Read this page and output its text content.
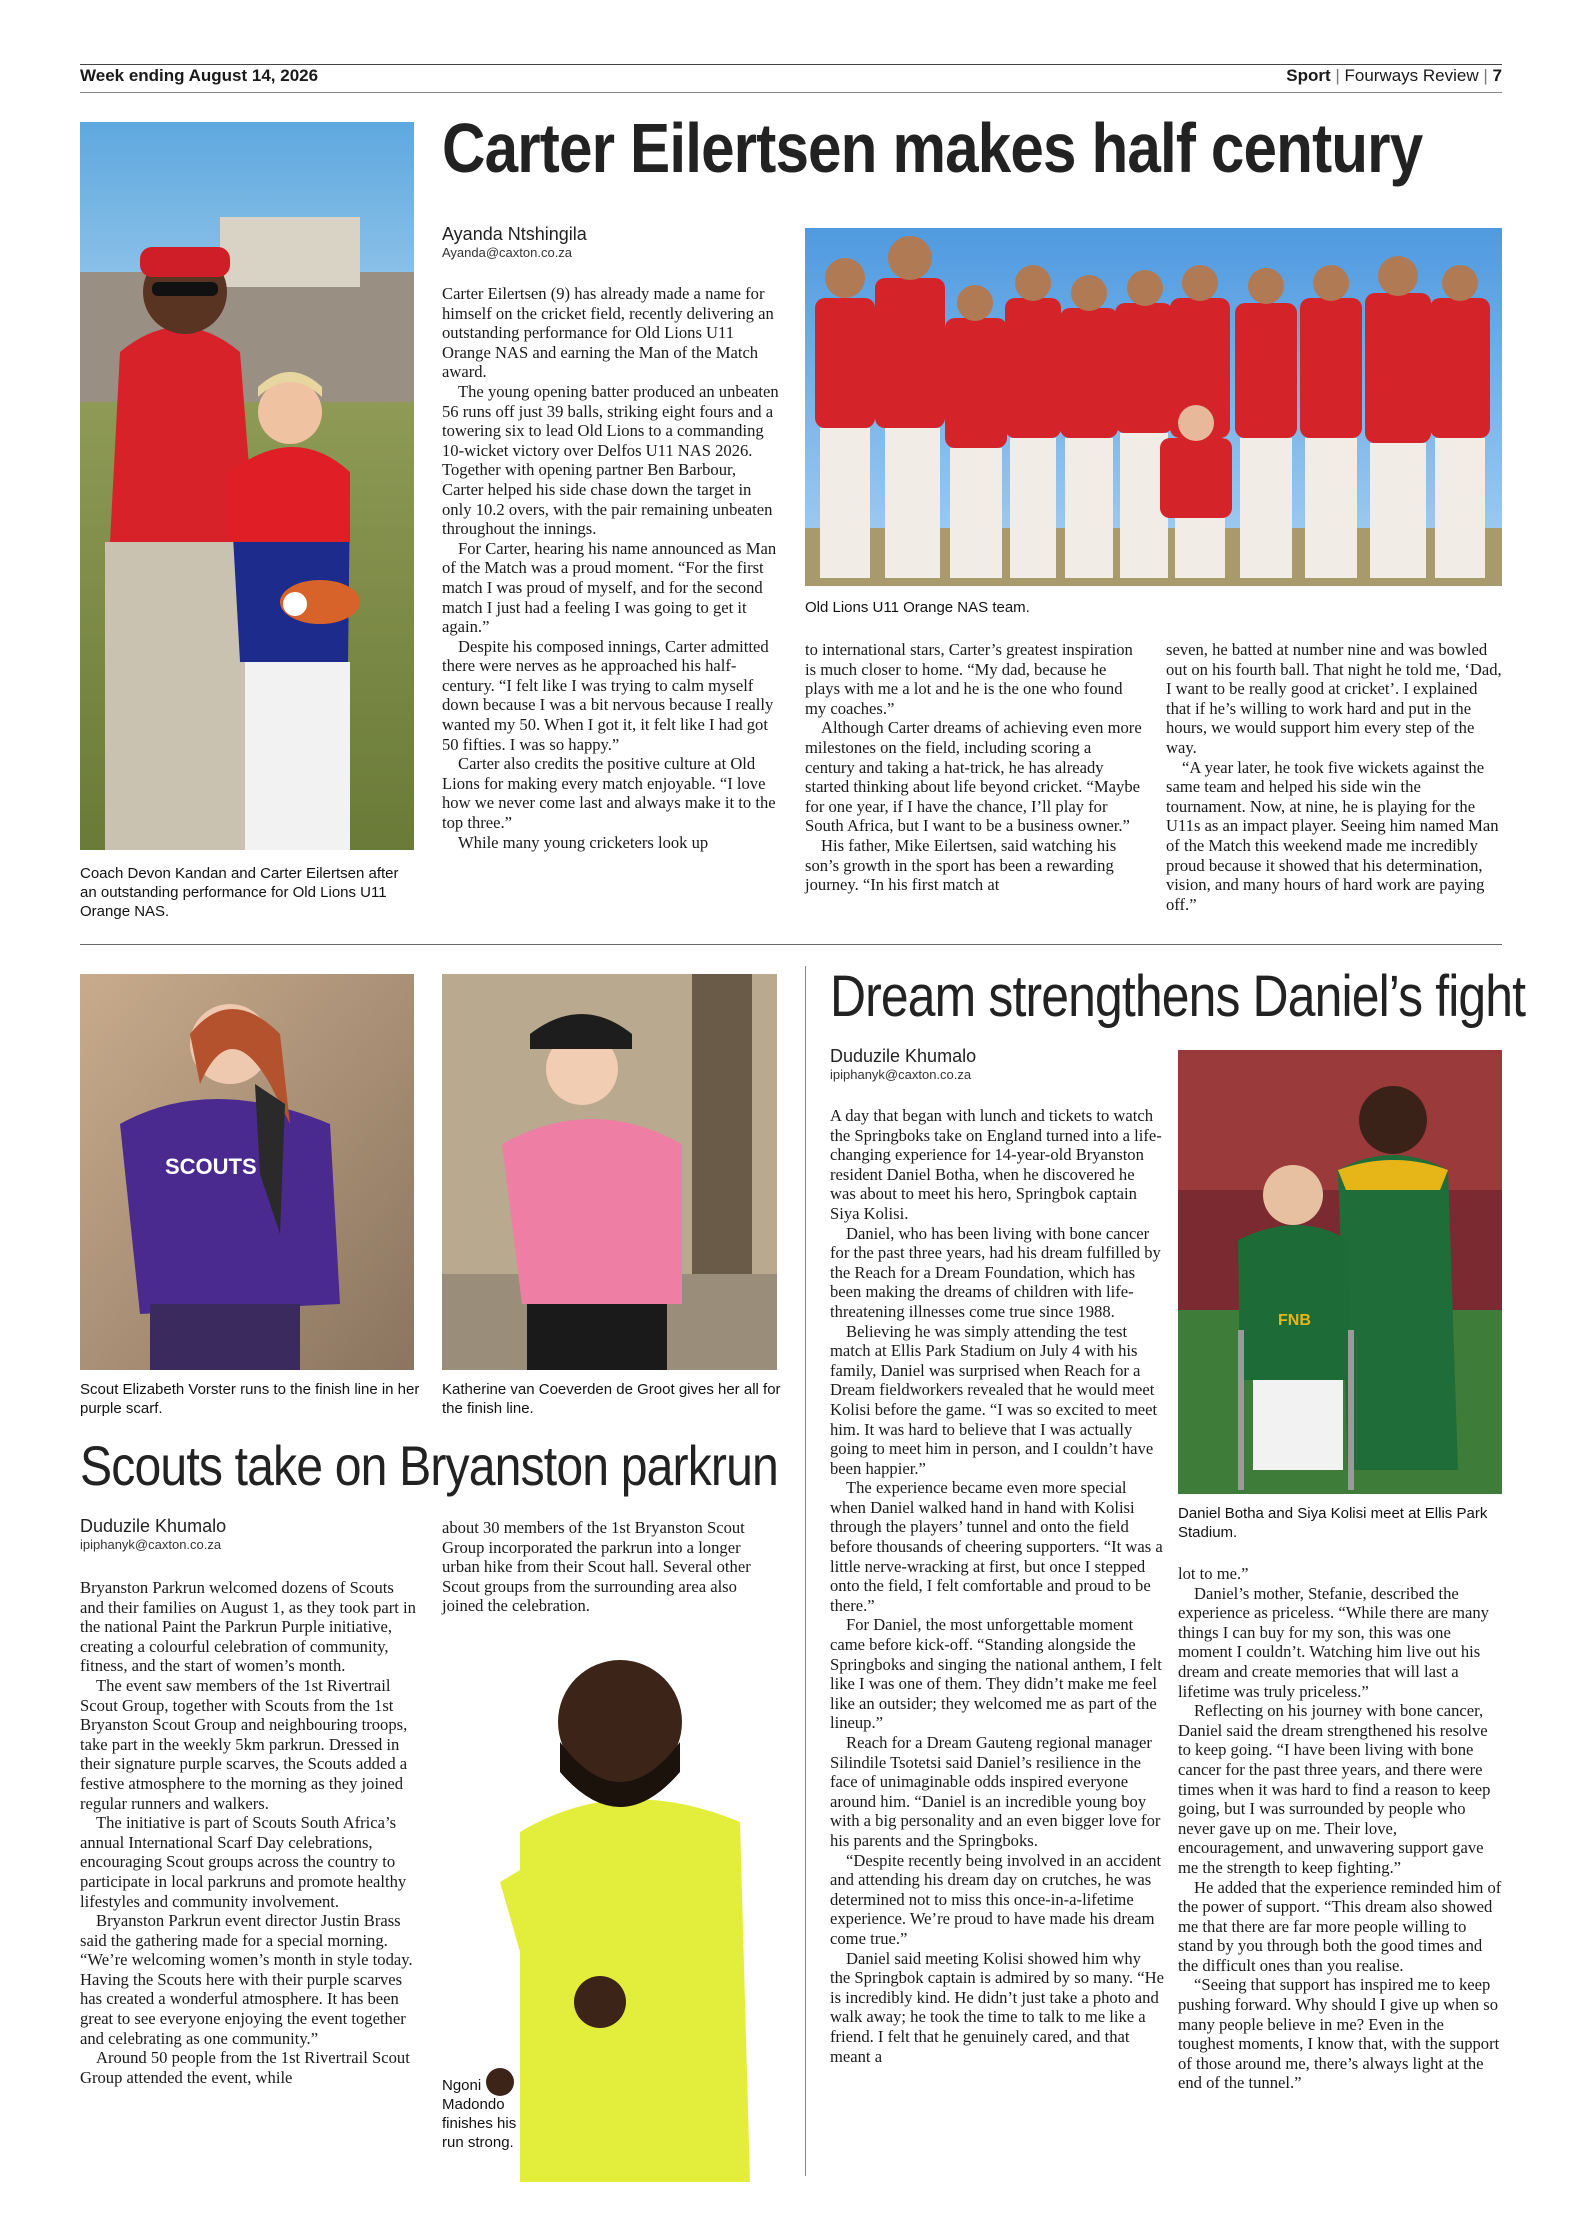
Week ending August 14, 2026	Sport | Fourways Review | 7
Coach Devon Kandan and Carter Eilertsen after an outstanding performance for Old Lions U11 Orange NAS.
Carter Eilertsen makes half century
Ayanda Ntshingila
Ayanda@caxton.co.za

Carter Eilertsen (9) has already made a name for himself on the cricket field, recently delivering an outstanding performance for Old Lions U11 Orange NAS and earning the Man of the Match award.

The young opening batter produced an unbeaten 56 runs off just 39 balls, striking eight fours and a towering six to lead Old Lions to a commanding 10-wicket victory over Delfos U11 NAS 2026. Together with opening partner Ben Barbour, Carter helped his side chase down the target in only 10.2 overs, with the pair remaining unbeaten throughout the innings.

For Carter, hearing his name announced as Man of the Match was a proud moment. “For the first match I was proud of myself, and for the second match I just had a feeling I was going to get it again.”

Despite his composed innings, Carter admitted there were nerves as he approached his half-century. “I felt like I was trying to calm myself down because I was a bit nervous because I really wanted my 50. When I got it, it felt like I had got 50 fifties. I was so happy.”

Carter also credits the positive culture at Old Lions for making every match enjoyable. “I love how we never come last and always make it to the top three.”

While many young cricketers look up

Old Lions U11 Orange NAS team.

to international stars, Carter’s greatest inspiration is much closer to home. “My dad, because he plays with me a lot and he is the one who found my coaches.”

Although Carter dreams of achieving even more milestones on the field, including scoring a century and taking a hat-trick, he has already started thinking about life beyond cricket. “Maybe for one year, if I have the chance, I’ll play for South Africa, but I want to be a business owner.”

His father, Mike Eilertsen, said watching his son’s growth in the sport has been a rewarding journey. “In his first match at

seven, he batted at number nine and was bowled out on his fourth ball. That night he told me, ‘Dad, I want to be really good at cricket’. I explained that if he’s willing to work hard and put in the hours, we would support him every step of the way.

“A year later, he took five wickets against the same team and helped his side win the tournament. Now, at nine, he is playing for the U11s as an impact player. Seeing him named Man of the Match this weekend made me incredibly proud because it showed that his determination, vision, and many hours of hard work are paying off.”

SCOUTS
Scout Elizabeth Vorster runs to the finish line in her purple scarf.
Katherine van Coeverden de Groot gives her all for the finish line.
Scouts take on Bryanston parkrun
Duduzile Khumalo
ipiphanyk@caxton.co.za

Bryanston Parkrun welcomed dozens of Scouts and their families on August 1, as they took part in the national Paint the Parkrun Purple initiative, creating a colourful celebration of community, fitness, and the start of women’s month.

The event saw members of the 1st Rivertrail Scout Group, together with Scouts from the 1st Bryanston Scout Group and neighbouring troops, take part in the weekly 5km parkrun. Dressed in their signature purple scarves, the Scouts added a festive atmosphere to the morning as they joined regular runners and walkers.

The initiative is part of Scouts South Africa’s annual International Scarf Day celebrations, encouraging Scout groups across the country to participate in local parkruns and promote healthy lifestyles and community involvement.

Bryanston Parkrun event director Justin Brass said the gathering made for a special morning. “We’re welcoming women’s month in style today. Having the Scouts here with their purple scarves has created a wonderful atmosphere. It has been great to see everyone enjoying the event together and celebrating as one community.”

Around 50 people from the 1st Rivertrail Scout Group attended the event, while

about 30 members of the 1st Bryanston Scout Group incorporated the parkrun into a longer urban hike from their Scout hall. Several other Scout groups from the surrounding area also joined the celebration.

Ngoni Madondo finishes his run strong.
Dream strengthens Daniel’s fight
Duduzile Khumalo
ipiphanyk@caxton.co.za

A day that began with lunch and tickets to watch the Springboks take on England turned into a life-changing experience for 14-year-old Bryanston resident Daniel Botha, when he discovered he was about to meet his hero, Springbok captain Siya Kolisi.

Daniel, who has been living with bone cancer for the past three years, had his dream fulfilled by the Reach for a Dream Foundation, which has been making the dreams of children with life-threatening illnesses come true since 1988.

Believing he was simply attending the test match at Ellis Park Stadium on July 4 with his family, Daniel was surprised when Reach for a Dream fieldworkers revealed that he would meet Kolisi before the game. “I was so excited to meet him. It was hard to believe that I was actually going to meet him in person, and I couldn’t have been happier.”

The experience became even more special when Daniel walked hand in hand with Kolisi through the players’ tunnel and onto the field before thousands of cheering supporters. “It was a little nerve-wracking at first, but once I stepped onto the field, I felt comfortable and proud to be there.”

For Daniel, the most unforgettable moment came before kick-off. “Standing alongside the Springboks and singing the national anthem, I felt like I was one of them. They didn’t make me feel like an outsider; they welcomed me as part of the lineup.”

Reach for a Dream Gauteng regional manager Silindile Tsotetsi said Daniel’s resilience in the face of unimaginable odds inspired everyone around him. “Daniel is an incredible young boy with a big personality and an even bigger love for his parents and the Springboks.

“Despite recently being involved in an accident and attending his dream day on crutches, he was determined not to miss this once-in-a-lifetime experience. We’re proud to have made his dream come true.”

Daniel said meeting Kolisi showed him why the Springbok captain is admired by so many. “He is incredibly kind. He didn’t just take a photo and walk away; he took the time to talk to me like a friend. I felt that he genuinely cared, and that meant a

FNB
Daniel Botha and Siya Kolisi meet at Ellis Park Stadium.

lot to me.”

Daniel’s mother, Stefanie, described the experience as priceless. “While there are many things I can buy for my son, this was one moment I couldn’t. Watching him live out his dream and create memories that will last a lifetime was truly priceless.”

Reflecting on his journey with bone cancer, Daniel said the dream strengthened his resolve to keep going. “I have been living with bone cancer for the past three years, and there were times when it was hard to find a reason to keep going, but I was surrounded by people who never gave up on me. Their love, encouragement, and unwavering support gave me the strength to keep fighting.”

He added that the experience reminded him of the power of support. “This dream also showed me that there are far more people willing to stand by you through both the good times and the difficult ones than you realise.

“Seeing that support has inspired me to keep pushing forward. Why should I give up when so many people believe in me? Even in the toughest moments, I know that, with the support of those around me, there’s always light at the end of the tunnel.”
